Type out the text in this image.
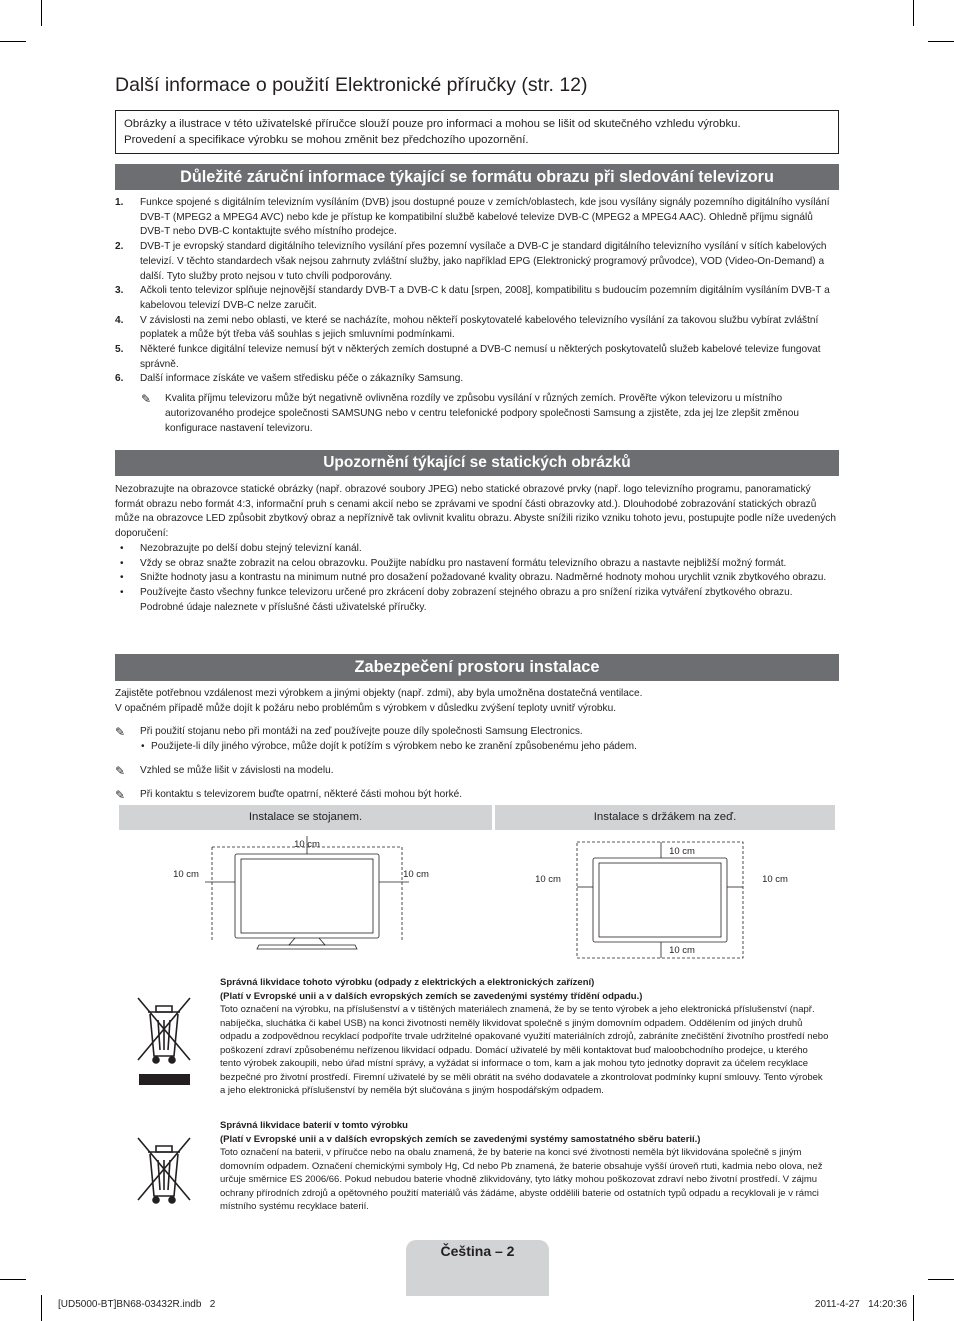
Další informace o použití Elektronické příručky (str. 12)

Obrázky a ilustrace v této uživatelské příručce slouží pouze pro informaci a mohou se lišit od skutečného vzhledu výrobku.

Provedení a specifikace výrobku se mohou změnit bez předchozího upozornění.

Důležité záruční informace týkající se formátu obrazu při sledování televizoru
1. Funkce spojené s digitálním televizním vysíláním (DVB) jsou dostupné pouze v zemích/oblastech, kde jsou vysílány signály pozemního digitálního vysílání DVB-T (MPEG2 a MPEG4 AVC) nebo kde je přístup ke kompatibilní službě kabelové televize DVB-C (MPEG2 a MPEG4 AAC). Ohledně příjmu signálů DVB-T nebo DVB-C kontaktujte svého místního prodejce.
2. DVB-T je evropský standard digitálního televizního vysílání přes pozemní vysílače a DVB-C je standard digitálního televizního vysílání v sítích kabelových televizí. V těchto standardech však nejsou zahrnuty zvláštní služby, jako například EPG (Elektronický programový průvodce), VOD (Video-On-Demand) a další. Tyto služby proto nejsou v tuto chvíli podporovány.
3. Ačkoli tento televizor splňuje nejnovější standardy DVB-T a DVB-C k datu [srpen, 2008], kompatibilitu s budoucím pozemním digitálním vysíláním DVB-T a kabelovou televizí DVB-C nelze zaručit.
4. V závislosti na zemi nebo oblasti, ve které se nacházíte, mohou někteří poskytovatelé kabelového televizního vysílání za takovou službu vybírat zvláštní poplatek a může být třeba váš souhlas s jejich smluvními podmínkami.
5. Některé funkce digitální televize nemusí být v některých zemích dostupné a DVB-C nemusí u některých poskytovatelů služeb kabelové televize fungovat správně.
6. Další informace získáte ve vašem středisku péče o zákazníky Samsung.
✎ Kvalita příjmu televizoru může být negativně ovlivněna rozdíly ve způsobu vysílání v různých zemích. Prověřte výkon televizoru u místního autorizovaného prodejce společnosti SAMSUNG nebo v centru telefonické podpory společnosti Samsung a zjistěte, zda jej lze zlepšit změnou konfigurace nastavení televizoru.
Upozornění týkající se statických obrázků
Nezobrazujte na obrazovce statické obrázky (např. obrazové soubory JPEG) nebo statické obrazové prvky (např. logo televizního programu, panoramatický formát obrazu nebo formát 4:3, informační pruh s cenami akcií nebo se zprávami ve spodní části obrazovky atd.). Dlouhodobé zobrazování statických obrazů může na obrazovce LED způsobit zbytkový obraz a nepříznivě tak ovlivnit kvalitu obrazu. Abyste snížili riziko vzniku tohoto jevu, postupujte podle níže uvedených doporučení:
• Nezobrazujte po delší dobu stejný televizní kanál.
• Vždy se obraz snažte zobrazit na celou obrazovku. Použijte nabídku pro nastavení formátu televizního obrazu a nastavte nejbližší možný formát.
• Snižte hodnoty jasu a kontrastu na minimum nutné pro dosažení požadované kvality obrazu. Nadměrné hodnoty mohou urychlit vznik zbytkového obrazu.
• Používejte často všechny funkce televizoru určené pro zkrácení doby zobrazení stejného obrazu a pro snížení rizika vytváření zbytkového obrazu. Podrobné údaje naleznete v příslušné části uživatelské příručky.
Zabezpečení prostoru instalace
Zajistěte potřebnou vzdálenost mezi výrobkem a jinými objekty (např. zdmi), aby byla umožněna dostatečná ventilace.
V opačném případě může dojít k požáru nebo problémům s výrobkem v důsledku zvýšení teploty uvnitř výrobku.
✎ Při použití stojanu nebo při montáži na zeď používejte pouze díly společnosti Samsung Electronics.
• Použijete-li díly jiného výrobce, může dojít k potížím s výrobkem nebo ke zranění způsobenému jeho pádem.
✎ Vzhled se může lišit v závislosti na modelu.
✎ Při kontaktu s televizorem buďte opatrní, některé části mohou být horké.
Instalace se stojanem.	Instalace s držákem na zeď.
10 cm
10 cm	10 cm
10 cm
10 cm
10 cm	10 cm
Správná likvidace tohoto výrobku (odpady z elektrických a elektronických zařízení)
(Platí v Evropské unii a v dalších evropských zemích se zavedenými systémy třídění odpadu.)
Toto označení na výrobku, na příslušenství a v tištěných materiálech znamená, že by se tento výrobek a jeho elektronická příslušenství (např. nabíječka, sluchátka či kabel USB) na konci životnosti neměly likvidovat společně s jiným domovním odpadem. Oddělením od jiných druhů odpadu a zodpovědnou recyklací podpoříte trvale udržitelné opakované využití materiálních zdrojů, zabráníte znečištění životního prostředí nebo poškození zdraví způsobenému neřízenou likvidací odpadu. Domácí uživatelé by měli kontaktovat buď maloobchodního prodejce, u kterého tento výrobek zakoupili, nebo úřad místní správy, a vyžádat si informace o tom, kam a jak mohou tyto jednotky dopravit za účelem recyklace bezpečné pro životní prostředí. Firemní uživatelé by se měli obrátit na svého dodavatele a zkontrolovat podmínky kupní smlouvy. Tento výrobek a jeho elektronická příslušenství by neměla být slučována s jiným hospodářským odpadem.
Správná likvidace baterií v tomto výrobku
(Platí v Evropské unii a v dalších evropských zemích se zavedenými systémy samostatného sběru baterií.)
Toto označení na baterii, v příručce nebo na obalu znamená, že by baterie na konci své životnosti neměla být likvidována společně s jiným domovním odpadem. Označení chemickými symboly Hg, Cd nebo Pb znamená, že baterie obsahuje vyšší úroveň rtuti, kadmia nebo olova, než určuje směrnice ES 2006/66. Pokud nebudou baterie vhodně zlikvidovány, tyto látky mohou poškozovat zdraví nebo životní prostředí. V zájmu ochrany přírodních zdrojů a opětovného použití materiálů vás žádáme, abyste oddělili baterie od ostatních typů odpadu a recyklovali je v rámci místního systému recyklace baterií.
Čeština – 2
[UD5000-BT]BN68-03432R.indb   2	2011-4-27   14:20:36
